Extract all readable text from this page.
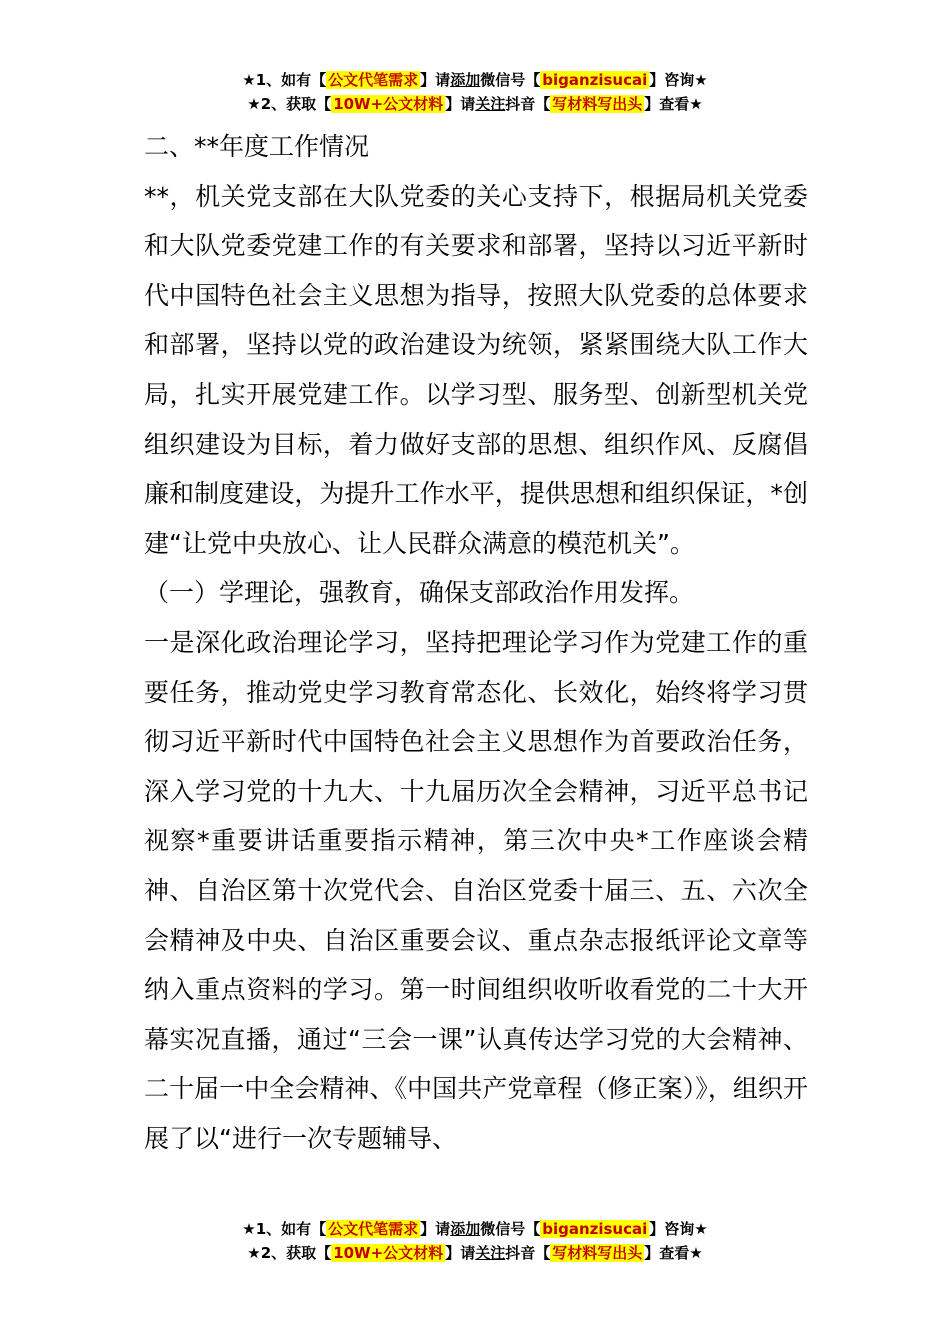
★1、如有【 公文代笔需求 】请添加微信号【 biganzisucai 】咨询★
★2、获取【 10W+公文材料 】请关注抖音【 写材料写出头 】查看★

二、**年度工作情况

**，机关党支部在大队党委的关心支持下，根据局机关党委和大队党委党建工作的有关要求和部署，坚持以习近平新时代中国特色社会主义思想为指导，按照大队党委的总体要求和部署，坚持以党的政治建设为统领，紧紧围绕大队工作大局，扎实开展党建工作。以学习型、服务型、创新型机关党组织建设为目标，着力做好支部的思想、组织作风、反腐倡廉和制度建设，为提升工作水平，提供思想和组织保证，*创建“让党中央放心、让人民群众满意的模范机关”。

（一）学理论，强教育，确保支部政治作用发挥。

一是深化政治理论学习，坚持把理论学习作为党建工作的重要任务，推动党史学习教育常态化、长效化，始终将学习贯彻习近平新时代中国特色社会主义思想作为首要政治任务，深入学习党的十九大、十九届历次全会精神，习近平总书记视察*重要讲话重要指示精神，第三次中央*工作座谈会精神、自治区第十次党代会、自治区党委十届三、五、六次全会精神及中央、自治区重要会议、重点杂志报纸评论文章等纳入重点资料的学习。第一时间组织收听收看党的二十大开幕实况直播，通过“三会一课”认真传达学习党的大会精神、二十届一中全会精神、《中国共产党章程（修正案）》，组织开展了以“进行一次专题辅导、

★1、如有【 公文代笔需求 】请添加微信号【 biganzisucai 】咨询★
★2、获取【 10W+公文材料 】请关注抖音【 写材料写出头 】查看★
